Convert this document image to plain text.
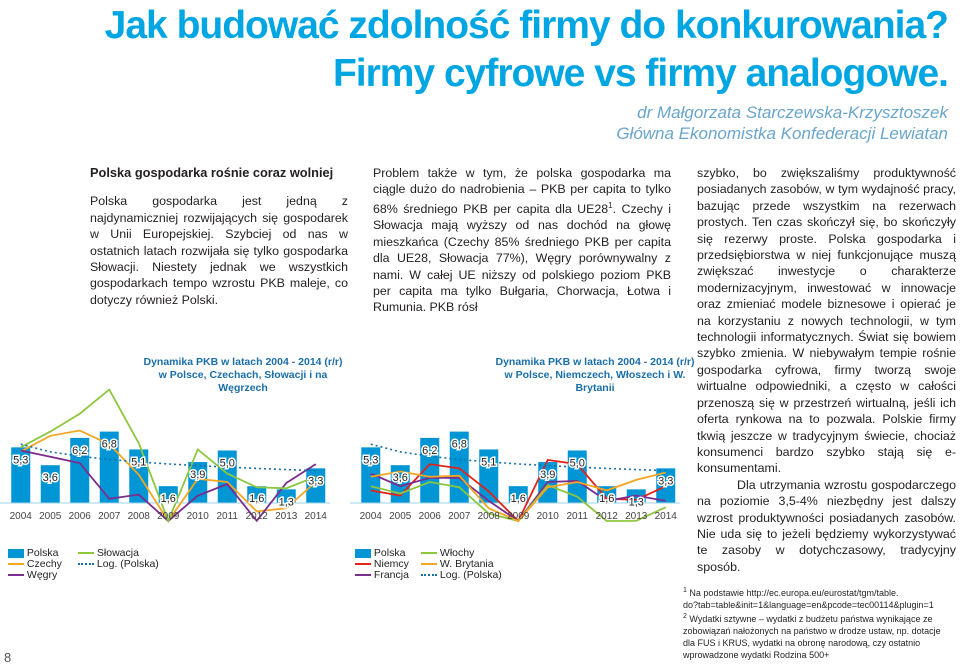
Jak budować zdolność firmy do konkurowania?
Firmy cyfrowe vs firmy analogowe.
dr Małgorzata Starczewska-Krzysztoszek
Główna Ekonomistka Konfederacji Lewiatan

Polska gospodarka rośnie coraz wolniej

Polska gospodarka jest jedną z najdynamiczniej rozwijających się gospodarek w Unii Europejskiej. Szybciej od nas w ostatnich latach rozwijała się tylko gospodarka Słowacji. Niestety jednak we wszystkich gospodarkach tempo wzrostu PKB maleje, co dotyczy również Polski.

Problem także w tym, że polska gospodarka ma ciągle dużo do nadrobienia – PKB per capita to tylko 68% średniego PKB per capita dla $UE28^1$. Czechy i Słowacja mają wyższy od nas dochód na głowę mieszkańca (Czechy 85% średniego PKB per capita dla UE28, Słowacja 77%), Węgry porównywalny z nami. W całej UE niższy od polskiego poziom PKB per capita ma tylko Bułgaria, Chorwacja, Łotwa i Rumunia. PKB rósł

szybko, bo zwiększaliśmy produktywność posiadanych zasobów, w tym wydajność pracy, bazując przede wszystkim na rezerwach prostych. Ten czas skończył się, bo skończyły się rezerwy proste. Polska gospodarka i przedsiębiorstwa w niej funkcjonujące muszą zwiększać inwestycje o charakterze modernizacyjnym, inwestować w innowacje oraz zmieniać modele biznesowe i opierać je na korzystaniu z nowych technologii, w tym technologii informatycznych. Świat się bowiem szybko zmienia. W niebywałym tempie rośnie gospodarka cyfrowa, firmy tworzą swoje wirtualne odpowiedniki, a często w całości przenoszą się w przestrzeń wirtualną, jeśli ich oferta rynkowa na to pozwala. Polskie firmy tkwią jeszcze w tradycyjnym świecie, chociaż konsumenci bardzo szybko stają się e-konsumentami.

Dla utrzymania wzrostu gospodarczego na poziomie 3,5-4% niezbędny jest dalszy wzrost produktywności posiadanych zasobów. Nie uda się to jeżeli będziemy wykorzystywać te zasoby w dotychczasowy, tradycyjny sposób.

Dynamika PKB w latach 2004 - 2014 (r/r) w Polsce, Czechach, Słowacji i na Węgrzech
Dynamika PKB w latach 2004 - 2014 (r/r) w Polsce, Niemczech, Włoszech i W. Brytanii
5,3
3,6
6,2
6,8
5,1
1,6
3,9
5,0
1,6 1,3
3,3
2004 2005 2006 2007 2008 2009 2010 2011 2012 2013 2014
5,3
3,6
6,2
6,8
5,1
1,6
3,9
5,0
1,6 1,3
3,3
2004 2005 2006 2007 2008 2009 2010 2011 2012 2013 2014
Polska
Czechy
Węgry
Słowacja
Log. (Polska)
Polska
Niemcy
Francja
Włochy
W. Brytania
Log. (Polska)

$^1$ Na podstawie http://ec.europa.eu/eurostat/tgm/table.
do?tab=table&init=1&language=en&pcode=tec00114&plugin=1

$^2$ Wydatki sztywne – wydatki z budżetu państwa wynikające ze zobowiązań nałożonych na państwo w drodze ustaw, np. dotacje dla FUS i KRUS, wydatki na obronę narodową, czy ostatnio wprowadzone wydatki Rodzina 500+

8
